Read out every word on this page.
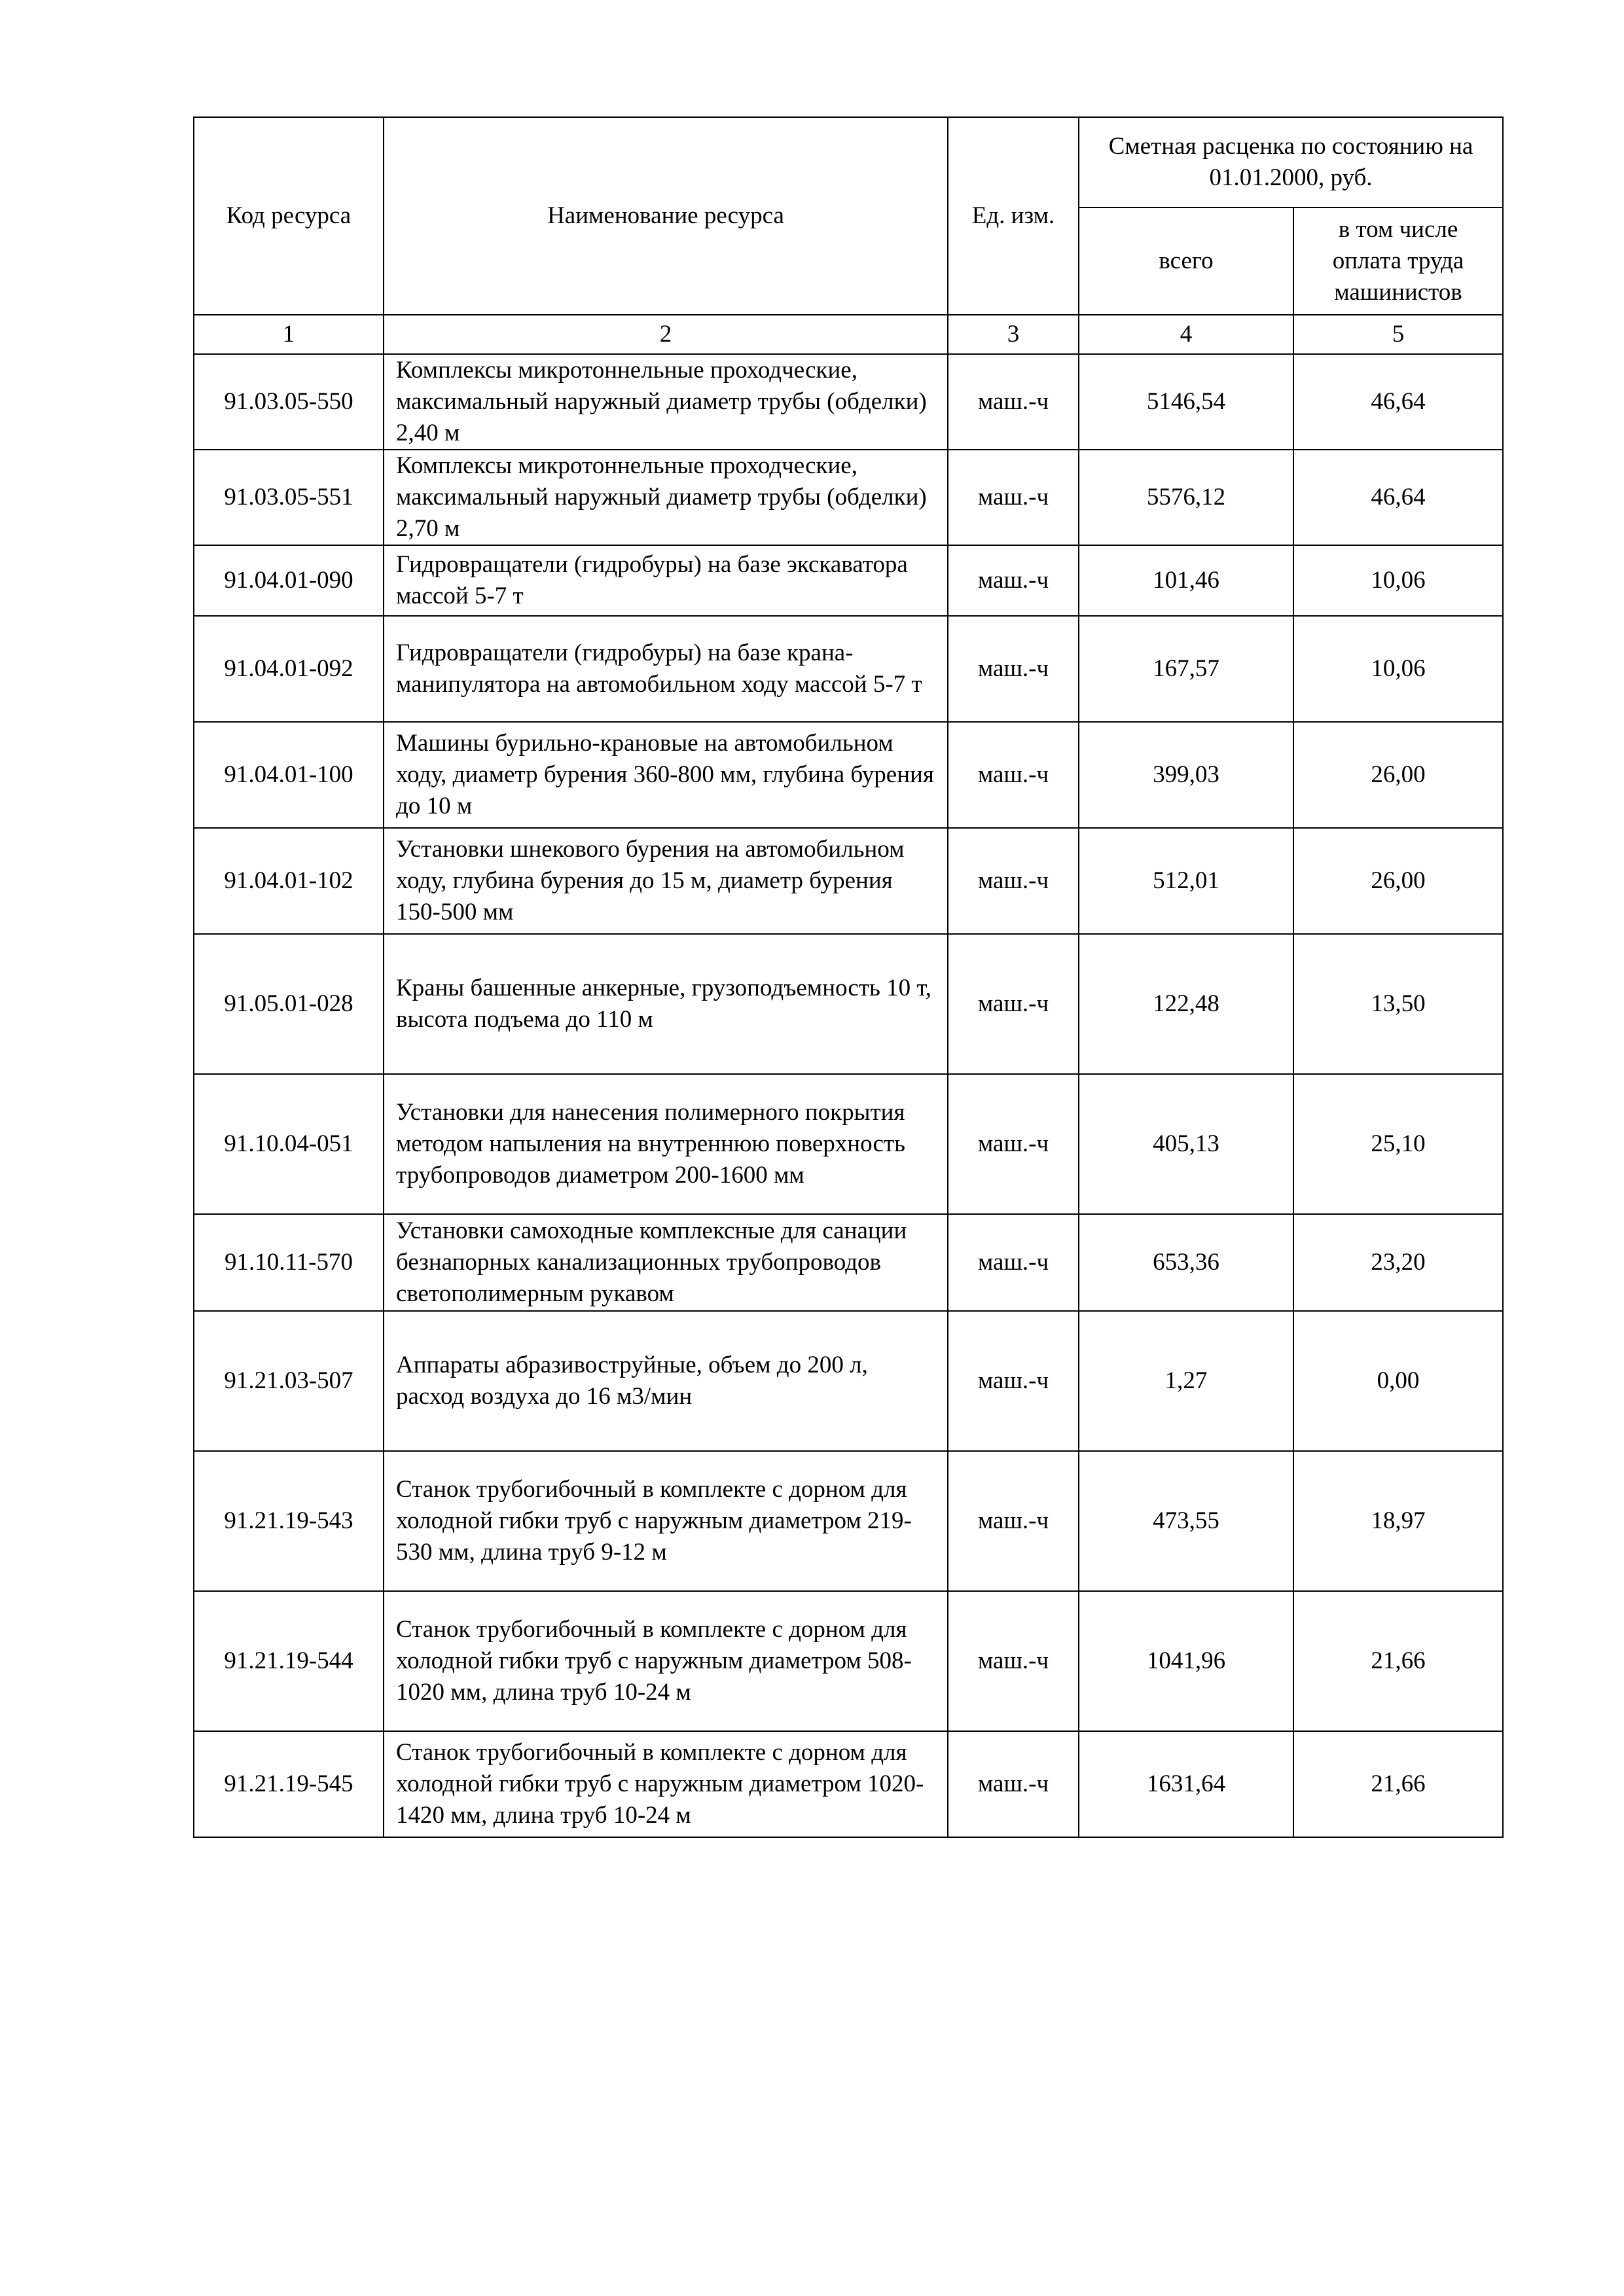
Код ресурса	Наименование ресурса	Ед. изм.	Сметная расценка по состоянию на 01.01.2000, руб.	
			всего	в том числе оплата труда машинистов
1	2	3	4	5
91.03.05-550	Комплексы микротоннельные проходческие, максимальный наружный диаметр трубы (обделки) 2,40 м	маш.-ч	5146,54	46,64
91.03.05-551	Комплексы микротоннельные проходческие, максимальный наружный диаметр трубы (обделки) 2,70 м	маш.-ч	5576,12	46,64
91.04.01-090	Гидровращатели (гидробуры) на базе экскаватора массой 5-7 т	маш.-ч	101,46	10,06
91.04.01-092	Гидровращатели (гидробуры) на базе крана-манипулятора на автомобильном ходу массой 5-7 т	маш.-ч	167,57	10,06
91.04.01-100	Машины бурильно-крановые на автомобильном ходу, диаметр бурения 360-800 мм, глубина бурения до 10 м	маш.-ч	399,03	26,00
91.04.01-102	Установки шнекового бурения на автомобильном ходу, глубина бурения до 15 м, диаметр бурения 150-500 мм	маш.-ч	512,01	26,00
91.05.01-028	Краны башенные анкерные, грузоподъемность 10 т, высота подъема до 110 м	маш.-ч	122,48	13,50
91.10.04-051	Установки для нанесения полимерного покрытия методом напыления на внутреннюю поверхность трубопроводов диаметром 200-1600 мм	маш.-ч	405,13	25,10
91.10.11-570	Установки самоходные комплексные для санации безнапорных канализационных трубопроводов светополимерным рукавом	маш.-ч	653,36	23,20
91.21.03-507	Аппараты абразивоструйные, объем до 200 л, расход воздуха до 16 м3/мин	маш.-ч	1,27	0,00
91.21.19-543	Станок трубогибочный в комплекте с дорном для холодной гибки труб с наружным диаметром 219-530 мм, длина труб 9-12 м	маш.-ч	473,55	18,97
91.21.19-544	Станок трубогибочный в комплекте с дорном для холодной гибки труб с наружным диаметром 508-1020 мм, длина труб 10-24 м	маш.-ч	1041,96	21,66
91.21.19-545	Станок трубогибочный в комплекте с дорном для холодной гибки труб с наружным диаметром 1020-1420 мм, длина труб 10-24 м	маш.-ч	1631,64	21,66
